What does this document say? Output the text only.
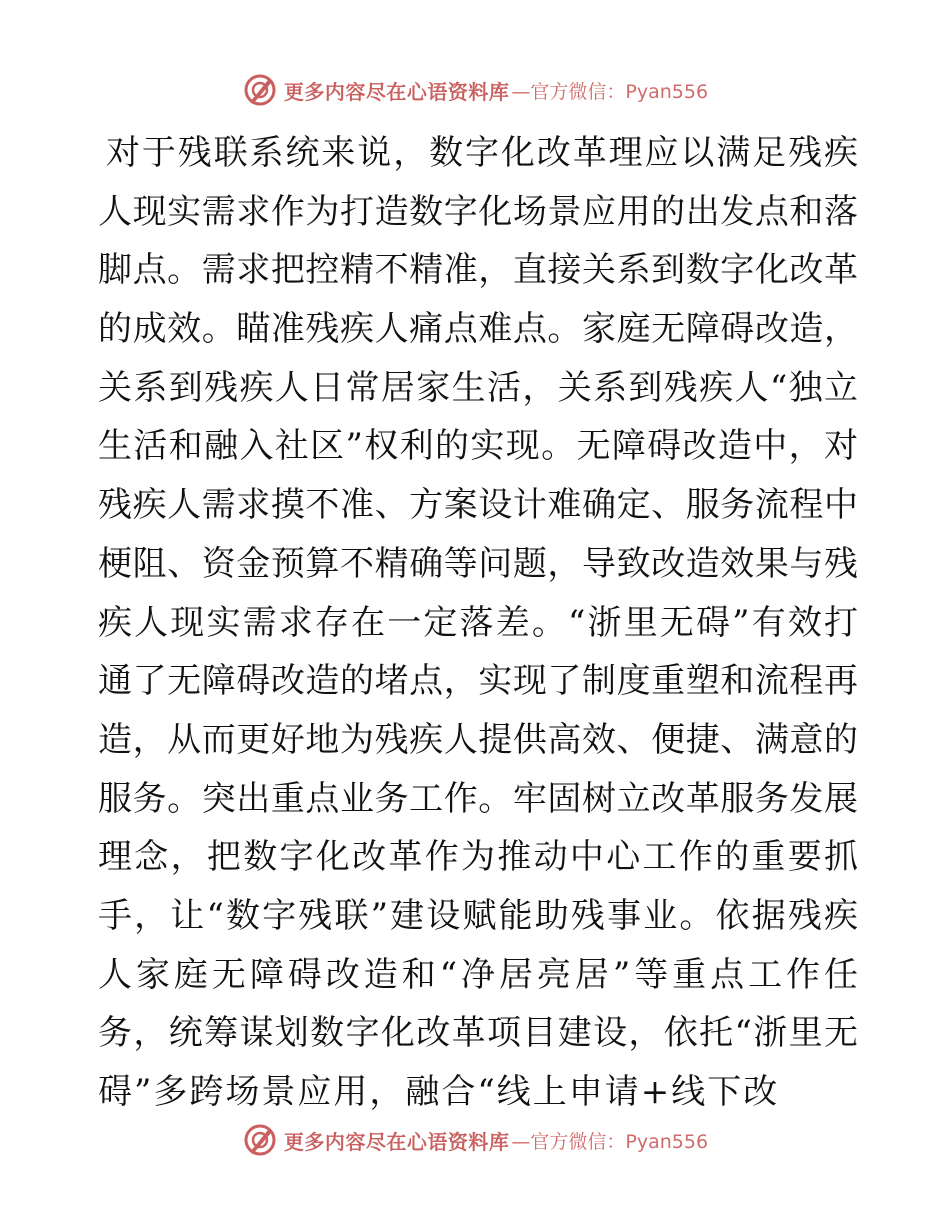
更多内容尽在心语资料库 —官方微信：Pyan556
对于残联系统来说，数字化改革理应以满足残疾
人现实需求作为打造数字化场景应用的出发点和落
脚点。需求把控精不精准，直接关系到数字化改革
的成效。瞄准残疾人痛点难点。家庭无障碍改造，
关系到残疾人日常居家生活，关系到残疾人“独立
生活和融入社区”权利的实现。无障碍改造中，对
残疾人需求摸不准、方案设计难确定、服务流程中
梗阻、资金预算不精确等问题，导致改造效果与残
疾人现实需求存在一定落差。“浙里无碍”有效打
通了无障碍改造的堵点，实现了制度重塑和流程再
造，从而更好地为残疾人提供高效、便捷、满意的
服务。突出重点业务工作。牢固树立改革服务发展
理念，把数字化改革作为推动中心工作的重要抓
手，让“数字残联”建设赋能助残事业。依据残疾
人家庭无障碍改造和“净居亮居”等重点工作任
务，统筹谋划数字化改革项目建设，依托“浙里无
碍”多跨场景应用，融合“线上申请+线下改
更多内容尽在心语资料库 —官方微信：Pyan556
